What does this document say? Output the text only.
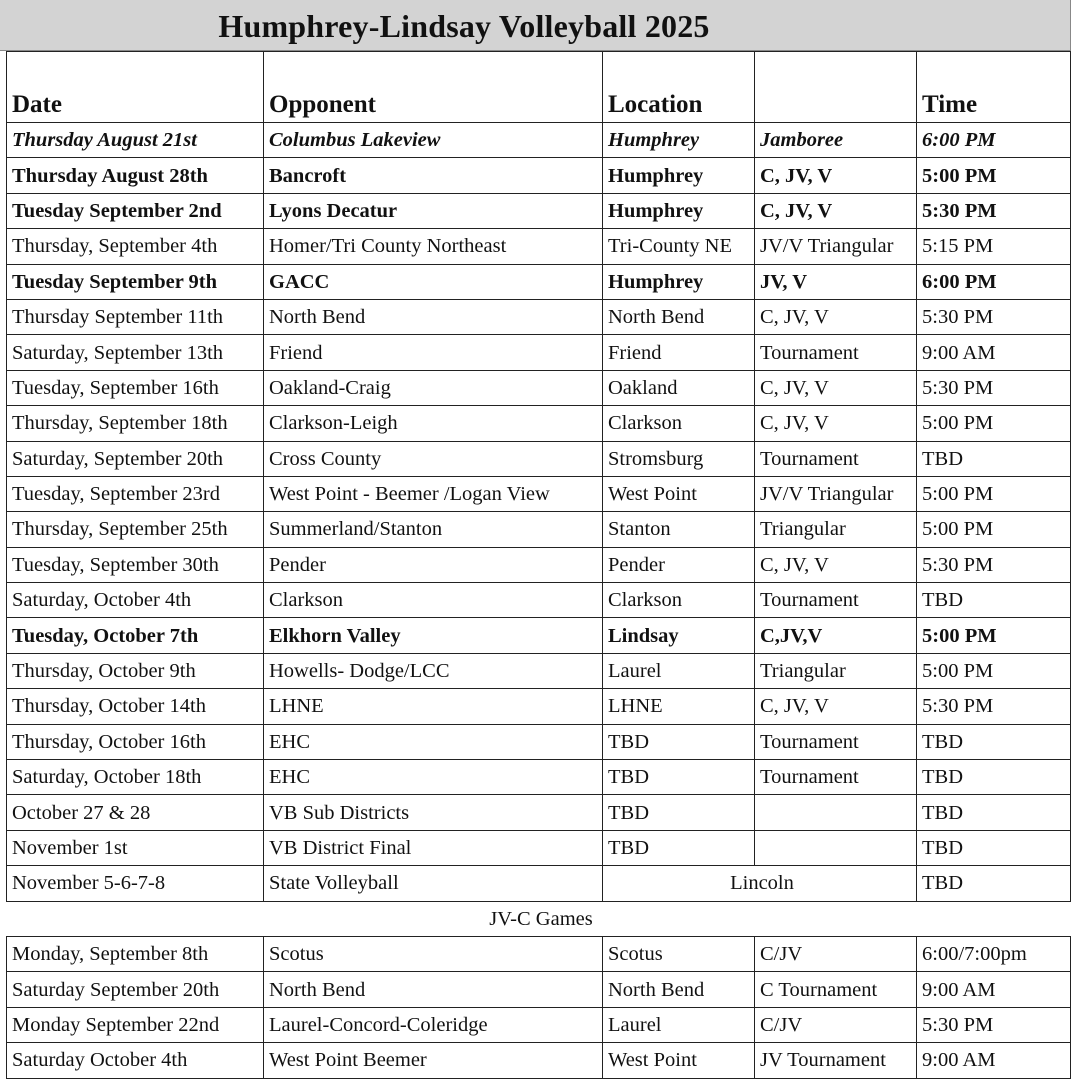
Humphrey-Lindsay Volleyball 2025
Date	Opponent	Location		Time
Thursday August 21st	Columbus Lakeview	Humphrey	Jamboree	6:00 PM
Thursday August 28th	Bancroft	Humphrey	C, JV, V	5:00 PM
Tuesday September 2nd	Lyons Decatur	Humphrey	C, JV, V	5:30 PM
Thursday, September 4th	Homer/Tri County Northeast	Tri-County NE	JV/V Triangular	5:15 PM
Tuesday September 9th	GACC	Humphrey	JV, V	6:00 PM
Thursday September 11th	North Bend	North Bend	C, JV, V	5:30 PM
Saturday, September 13th	Friend	Friend	Tournament	9:00 AM
Tuesday, September 16th	Oakland-Craig	Oakland	C, JV, V	5:30 PM
Thursday, September 18th	Clarkson-Leigh	Clarkson	C, JV, V	5:00 PM
Saturday, September 20th	Cross County	Stromsburg	Tournament	TBD
Tuesday, September 23rd	West Point - Beemer /Logan View	West Point	JV/V Triangular	5:00 PM
Thursday, September 25th	Summerland/Stanton	Stanton	Triangular	5:00 PM
Tuesday, September 30th	Pender	Pender	C, JV, V	5:30 PM
Saturday, October 4th	Clarkson	Clarkson	Tournament	TBD
Tuesday, October 7th	Elkhorn Valley	Lindsay	C,JV,V	5:00 PM
Thursday, October 9th	Howells- Dodge/LCC	Laurel	Triangular	5:00 PM
Thursday, October 14th	LHNE	LHNE	C, JV, V	5:30 PM
Thursday, October 16th	EHC	TBD	Tournament	TBD
Saturday, October 18th	EHC	TBD	Tournament	TBD
October 27 & 28	VB Sub Districts	TBD		TBD
November 1st	VB District Final	TBD		TBD
November 5-6-7-8	State Volleyball	Lincoln		TBD
JV-C Games				
Monday, September 8th	Scotus	Scotus	C/JV	6:00/7:00pm
Saturday September 20th	North Bend	North Bend	C Tournament	9:00 AM
Monday September 22nd	Laurel-Concord-Coleridge	Laurel	C/JV	5:30 PM
Saturday October 4th	West Point Beemer	West Point	JV Tournament	9:00 AM
